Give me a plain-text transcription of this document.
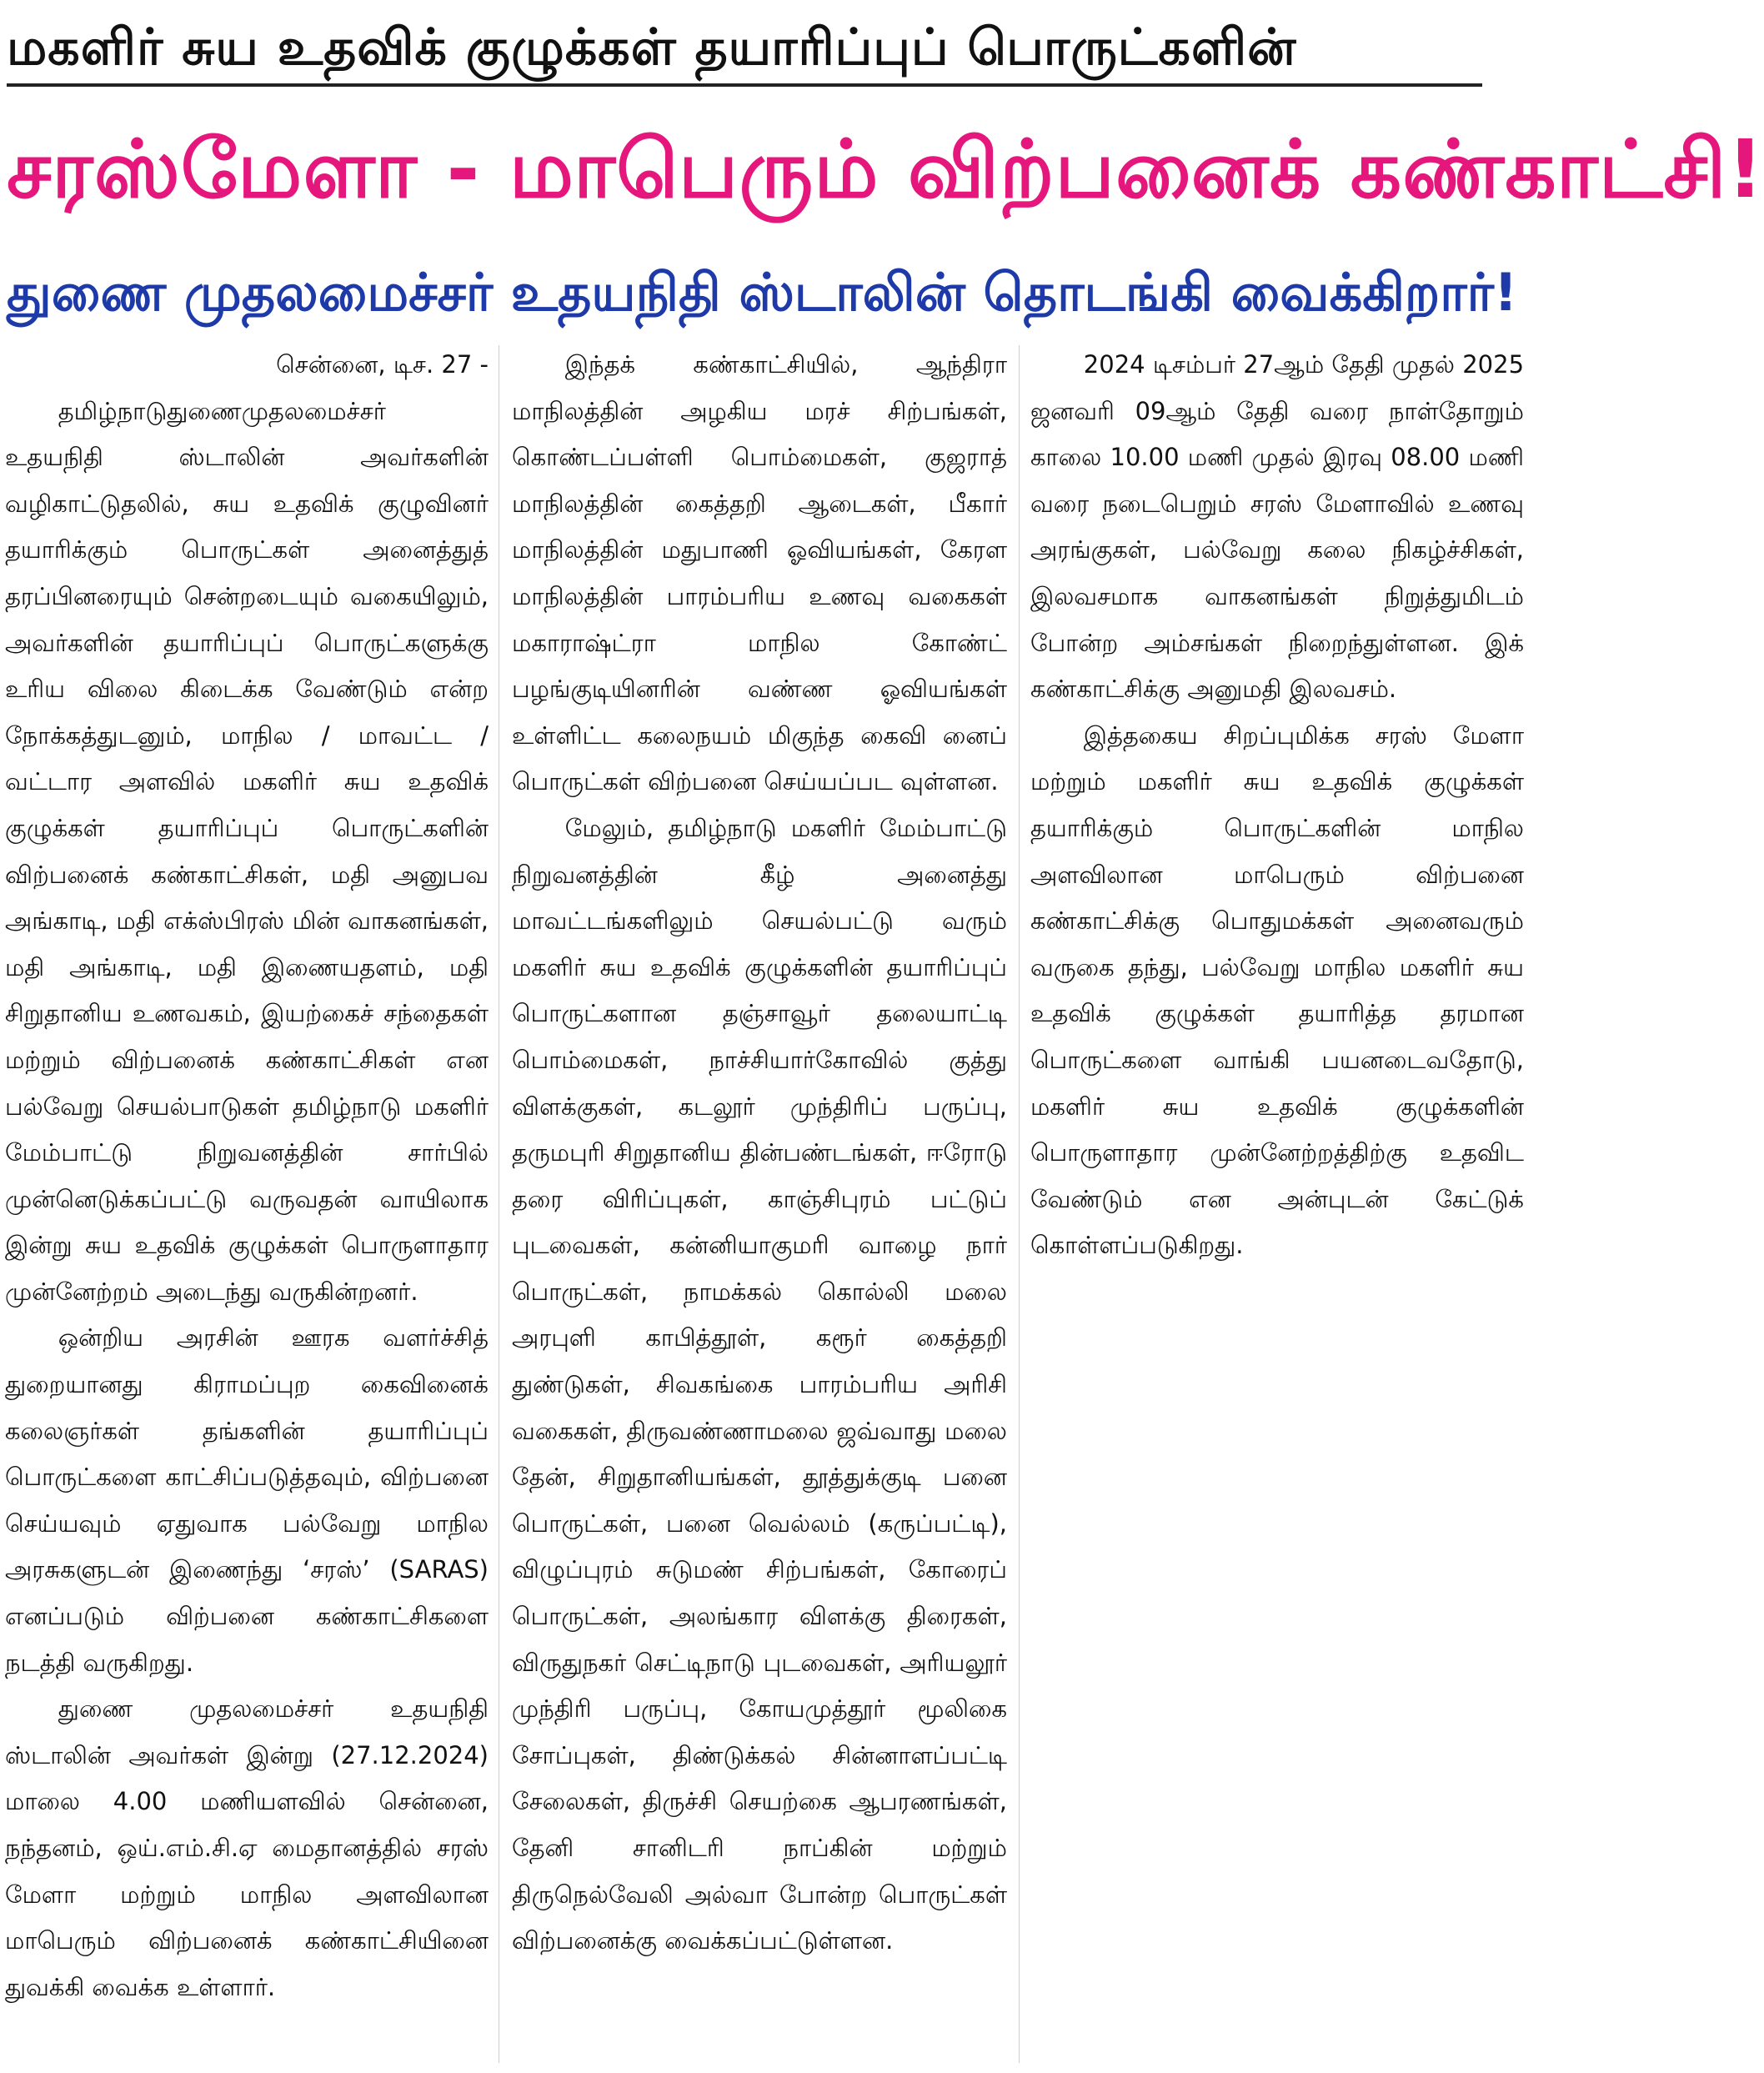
மகளிர் சுய உதவிக் குழுக்கள் தயாரிப்புப் பொருட்களின்
சரஸ்மேளா - மாபெரும் விற்பனைக் கண்காட்சி!
துணை முதலமைச்சர் உதயநிதி ஸ்டாலின் தொடங்கி வைக்கிறார்!
சென்னை, டிச. 27 -

தமிழ்நாடுதுணைமுதலமைச்சர் உதயநிதி ஸ்டாலின் அவர்களின் வழிகாட்டுதலில், சுய உதவிக் குழுவினர் தயாரிக்கும் பொருட்கள் அனைத்துத் தரப்பினரையும் சென்றடையும் வகையிலும், அவர்களின் தயாரிப்புப் பொருட்களுக்கு உரிய விலை கிடைக்க வேண்டும் என்ற நோக்கத்துடனும், மாநில / மாவட்ட / வட்டார அளவில் மகளிர் சுய உதவிக் குழுக்கள் தயாரிப்புப் பொருட்களின் விற்பனைக் கண்காட்சிகள், மதி அனுபவ அங்காடி, மதி எக்ஸ்பிரஸ் மின் வாகனங்கள், மதி அங்காடி, மதி இணையதளம், மதி சிறுதானிய உணவகம், இயற்கைச் சந்தைகள் மற்றும் விற்பனைக் கண்காட்சிகள் என பல்வேறு செயல்பாடுகள் தமிழ்நாடு மகளிர் மேம்பாட்டு நிறுவனத்தின் சார்பில் முன்னெடுக்கப்பட்டு வருவதன் வாயிலாக இன்று சுய உதவிக் குழுக்கள் பொருளாதார முன்னேற்றம் அடைந்து வருகின்றனர்.

ஒன்றிய அரசின் ஊரக வளர்ச்சித் துறையானது கிராமப்புற கைவினைக் கலைஞர்கள் தங்களின் தயாரிப்புப் பொருட்களை காட்சிப்படுத்தவும், விற்பனை செய்யவும் ஏதுவாக பல்வேறு மாநில அரசுகளுடன் இணைந்து ‘சரஸ்’ (SARAS) எனப்படும் விற்பனை கண்காட்சிகளை நடத்தி வருகிறது.

துணை முதலமைச்சர் உதயநிதி ஸ்டாலின் அவர்கள் இன்று (27.12.2024) மாலை 4.00 மணியளவில் சென்னை, நந்தனம், ஒய்.எம்.சி.ஏ மைதானத்தில் சரஸ் மேளா மற்றும் மாநில அளவிலான மாபெரும் விற்பனைக் கண்காட்சியினை துவக்கி வைக்க உள்ளார்.

இந்தக் கண்காட்சியில், ஆந்திரா மாநிலத்தின் அழகிய மரச் சிற்பங்கள், கொண்டப்பள்ளி பொம்மைகள், குஜராத் மாநிலத்தின் கைத்தறி ஆடைகள், பீகார் மாநிலத்தின் மதுபாணி ஓவியங்கள், கேரள மாநிலத்தின் பாரம்பரிய உணவு வகைகள் மகாராஷ்ட்ரா மாநில கோண்ட் பழங்குடியினரின் வண்ண ஓவியங்கள் உள்ளிட்ட கலைநயம் மிகுந்த கைவி னைப் பொருட்கள் விற்பனை செய்யப்பட வுள்ளன.

மேலும், தமிழ்நாடு மகளிர் மேம்பாட்டு நிறுவனத்தின் கீழ் அனைத்து மாவட்டங்களிலும் செயல்பட்டு வரும் மகளிர் சுய உதவிக் குழுக்களின் தயாரிப்புப் பொருட்களான தஞ்சாவூர் தலையாட்டி பொம்மைகள், நாச்சியார்கோவில் குத்து விளக்குகள், கடலூர் முந்திரிப் பருப்பு, தருமபுரி சிறுதானிய தின்பண்டங்கள், ஈரோடு தரை விரிப்புகள், காஞ்சிபுரம் பட்டுப் புடவைகள், கன்னியாகுமரி வாழை நார் பொருட்கள், நாமக்கல் கொல்லி மலை அரபுளி காபித்தூள், கரூர் கைத்தறி துண்டுகள், சிவகங்கை பாரம்பரிய அரிசி வகைகள், திருவண்ணாமலை ஜவ்வாது மலை தேன், சிறுதானியங்கள், தூத்துக்குடி பனை பொருட்கள், பனை வெல்லம் (கருப்பட்டி), விழுப்புரம் சுடுமண் சிற்பங்கள், கோரைப் பொருட்கள், அலங்கார விளக்கு திரைகள், விருதுநகர் செட்டிநாடு புடவைகள், அரியலூர் முந்திரி பருப்பு, கோயமுத்தூர் மூலிகை சோப்புகள், திண்டுக்கல் சின்னாளப்பட்டி சேலைகள், திருச்சி செயற்கை ஆபரணங்கள், தேனி சானிடரி நாப்கின் மற்றும் திருநெல்வேலி அல்வா போன்ற பொருட்கள் விற்பனைக்கு வைக்கப்பட்டுள்ளன.

2024 டிசம்பர் 27ஆம் தேதி முதல் 2025 ஜனவரி 09ஆம் தேதி வரை நாள்தோறும் காலை 10.00 மணி முதல் இரவு 08.00 மணி வரை நடைபெறும் சரஸ் மேளாவில் உணவு அரங்குகள், பல்வேறு கலை நிகழ்ச்சிகள், இலவசமாக வாகனங்கள் நிறுத்துமிடம் போன்ற அம்சங்கள் நிறைந்துள்ளன. இக் கண்காட்சிக்கு அனுமதி இலவசம்.

இத்தகைய சிறப்புமிக்க சரஸ் மேளா மற்றும் மகளிர் சுய உதவிக் குழுக்கள் தயாரிக்கும் பொருட்களின் மாநில அளவிலான மாபெரும் விற்பனை கண்காட்சிக்கு பொதுமக்கள் அனைவரும் வருகை தந்து, பல்வேறு மாநில மகளிர் சுய உதவிக் குழுக்கள் தயாரித்த தரமான பொருட்களை வாங்கி பயனடைவதோடு, மகளிர் சுய உதவிக் குழுக்களின் பொருளாதார முன்னேற்றத்திற்கு உதவிட வேண்டும் என அன்புடன் கேட்டுக் கொள்ளப்படுகிறது.
